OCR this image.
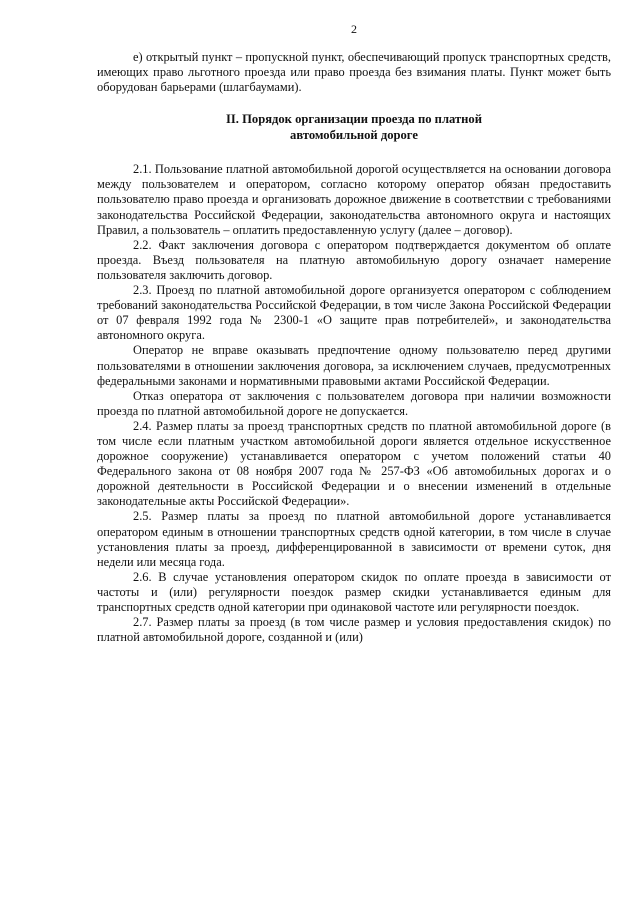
2

е) открытый пункт – пропускной пункт, обеспечивающий пропуск транспортных средств, имеющих право льготного проезда или право проезда без взимания платы. Пункт может быть оборудован барьерами (шлагбаумами).

II. Порядок организации проезда по платной
автомобильной дороге

2.1. Пользование платной автомобильной дорогой осуществляется на основании договора между пользователем и оператором, согласно которому оператор обязан предоставить пользователю право проезда и организовать дорожное движение в соответствии с требованиями законодательства Российской Федерации, законодательства автономного округа и настоящих Правил, а пользователь – оплатить предоставленную услугу (далее – договор).

2.2. Факт заключения договора с оператором подтверждается документом об оплате проезда. Въезд пользователя на платную автомобильную дорогу означает намерение пользователя заключить договор.

2.3. Проезд по платной автомобильной дороге организуется оператором с соблюдением требований законодательства Российской Федерации, в том числе Закона Российской Федерации от 07 февраля 1992 года № 2300-1 «О защите прав потребителей», и законодательства автономного округа.

Оператор не вправе оказывать предпочтение одному пользователю перед другими пользователями в отношении заключения договора, за исключением случаев, предусмотренных федеральными законами и нормативными правовыми актами Российской Федерации.

Отказ оператора от заключения с пользователем договора при наличии возможности проезда по платной автомобильной дороге не допускается.

2.4. Размер платы за проезд транспортных средств по платной автомобильной дороге (в том числе если платным участком автомобильной дороги является отдельное искусственное дорожное сооружение) устанавливается оператором с учетом положений статьи 40 Федерального закона от 08 ноября 2007 года № 257-ФЗ «Об автомобильных дорогах и о дорожной деятельности в Российской Федерации и о внесении изменений в отдельные законодательные акты Российской Федерации».

2.5. Размер платы за проезд по платной автомобильной дороге устанавливается оператором единым в отношении транспортных средств одной категории, в том числе в случае установления платы за проезд, дифференцированной в зависимости от времени суток, дня недели или месяца года.

2.6. В случае установления оператором скидок по оплате проезда в зависимости от частоты и (или) регулярности поездок размер скидки устанавливается единым для транспортных средств одной категории при одинаковой частоте или регулярности поездок.

2.7. Размер платы за проезд (в том числе размер и условия предоставления скидок) по платной автомобильной дороге, созданной и (или)
